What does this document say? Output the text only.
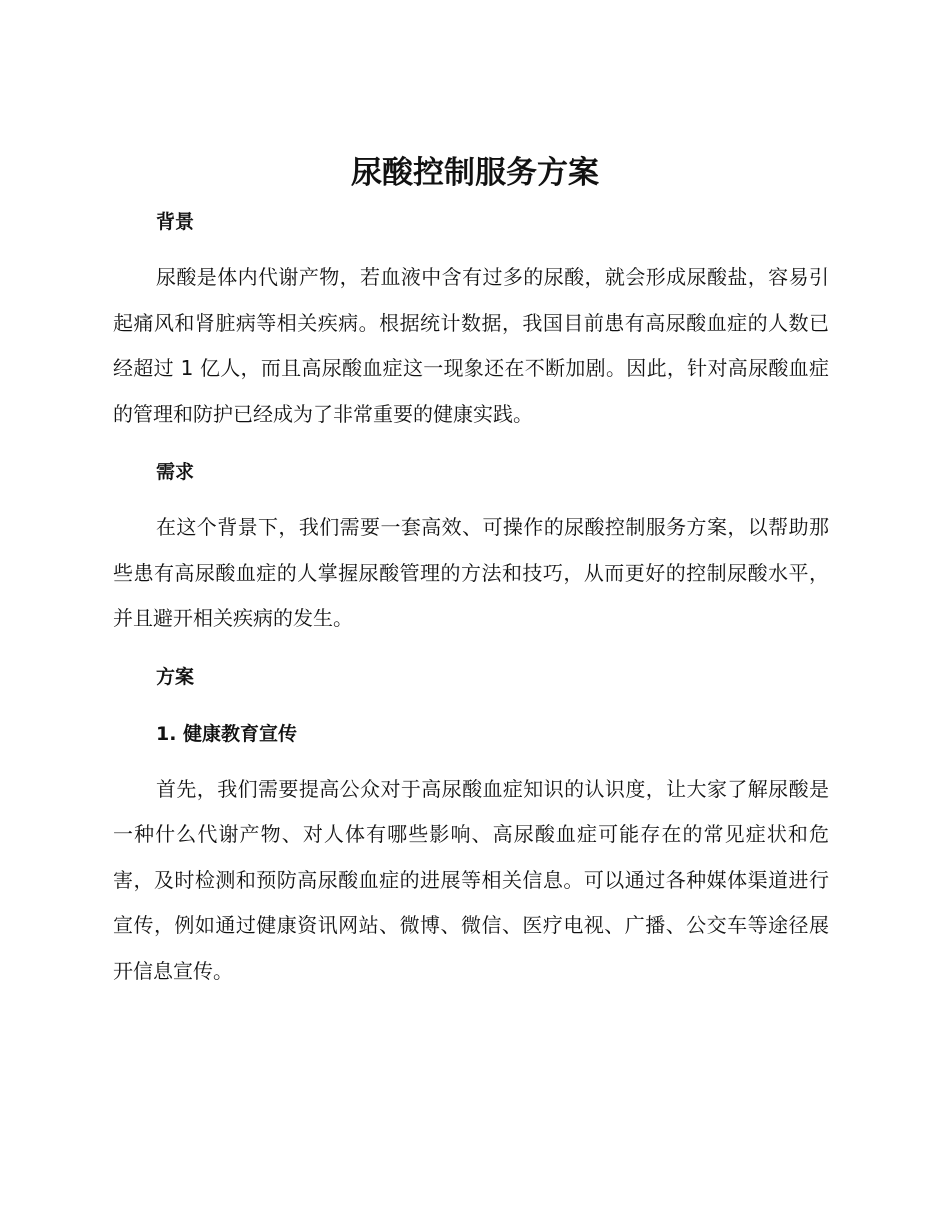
尿酸控制服务方案
背景

尿酸是体内代谢产物，若血液中含有过多的尿酸，就会形成尿酸盐，容易引起痛风和肾脏病等相关疾病。根据统计数据，我国目前患有高尿酸血症的人数已经超过 1 亿人，而且高尿酸血症这一现象还在不断加剧。因此，针对高尿酸血症的管理和防护已经成为了非常重要的健康实践。

需求

在这个背景下，我们需要一套高效、可操作的尿酸控制服务方案，以帮助那些患有高尿酸血症的人掌握尿酸管理的方法和技巧，从而更好的控制尿酸水平，并且避开相关疾病的发生。

方案
1. 健康教育宣传

首先，我们需要提高公众对于高尿酸血症知识的认识度，让大家了解尿酸是一种什么代谢产物、对人体有哪些影响、高尿酸血症可能存在的常见症状和危害，及时检测和预防高尿酸血症的进展等相关信息。可以通过各种媒体渠道进行宣传，例如通过健康资讯网站、微博、微信、医疗电视、广播、公交车等途径展开信息宣传。
